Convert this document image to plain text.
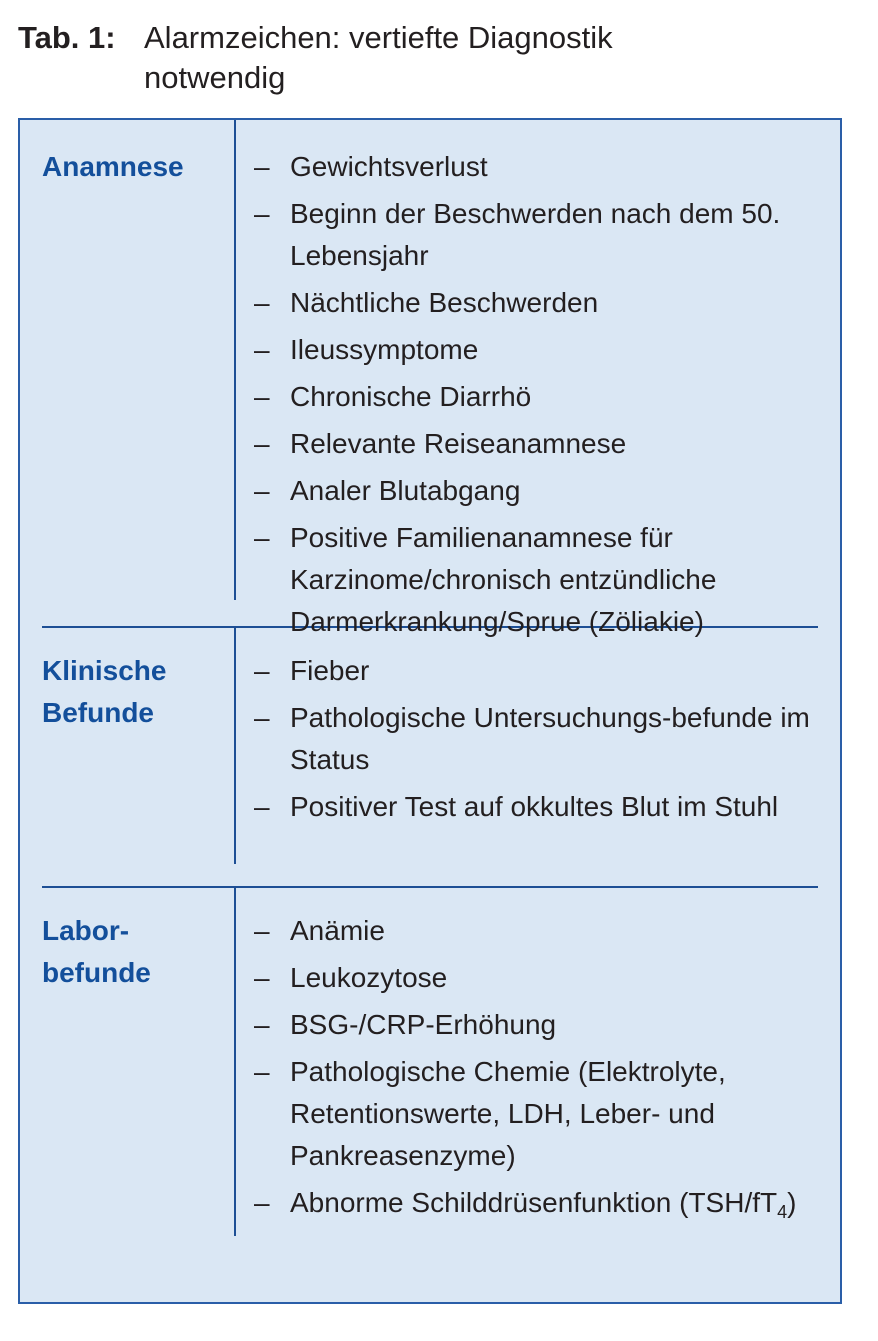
Tab. 1: Alarmzeichen: vertiefte Diagnostik notwendig
Anamnese	– Gewichtsverlust
– Beginn der Beschwerden nach dem 50. Lebensjahr
– Nächtliche Beschwerden
– Ileussymptome
– Chronische Diarrhö
– Relevante Reiseanamnese
– Analer Blutabgang
– Positive Familienanamnese für Karzinome/chronisch entzündliche Darmerkrankung/Sprue (Zöliakie)
Klinische
Befunde
– Fieber
– Pathologische Untersuchungs-befunde im Status
– Positiver Test auf okkultes Blut im Stuhl
Labor-
befunde
– Anämie
– Leukozytose
– BSG-/CRP-Erhöhung
– Pathologische Chemie (Elektrolyte, Retentionswerte, LDH, Leber- und Pankreasenzyme)
– Abnorme Schilddrüsenfunktion $(TSH/fT_4)$
